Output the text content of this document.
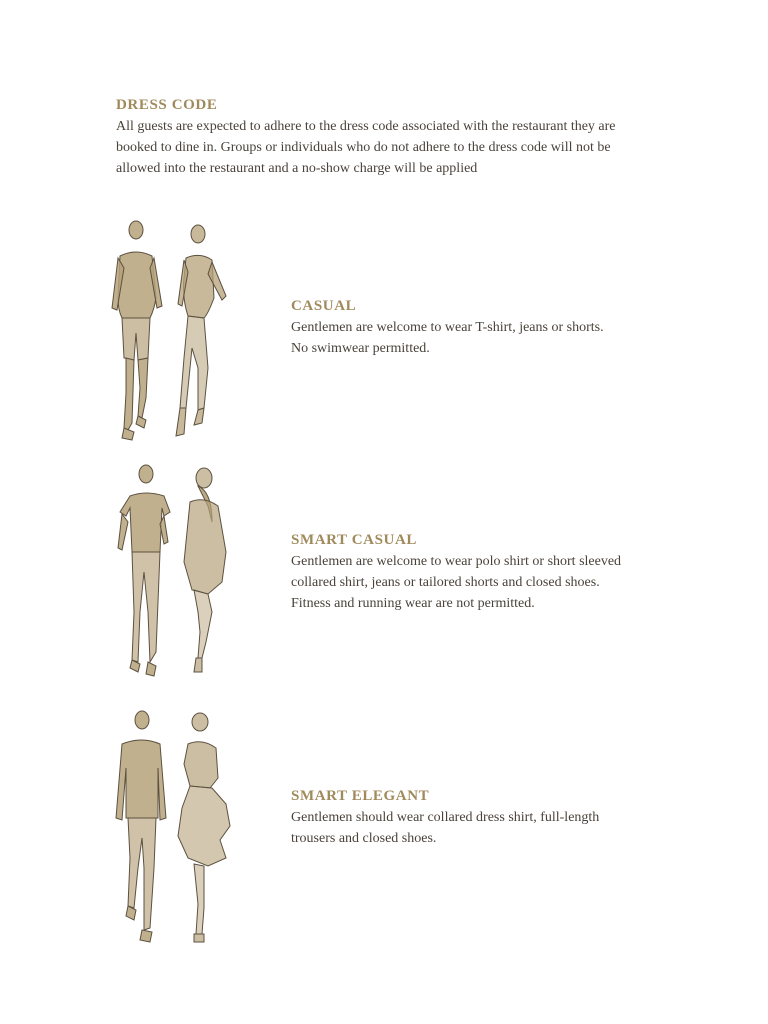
DRESS CODE

All guests are expected to adhere to the dress code associated with the restaurant they are
booked to dine in. Groups or individuals who do not adhere to the dress code will not be
allowed into the restaurant and a no-show charge will be applied

CASUAL

Gentlemen are welcome to wear T-shirt, jeans or shorts.
No swimwear permitted.

SMART CASUAL

Gentlemen are welcome to wear polo shirt or short sleeved
collared shirt, jeans or tailored shorts and closed shoes.
Fitness and running wear are not permitted.

SMART ELEGANT

Gentlemen should wear collared dress shirt, full-length
trousers and closed shoes.
